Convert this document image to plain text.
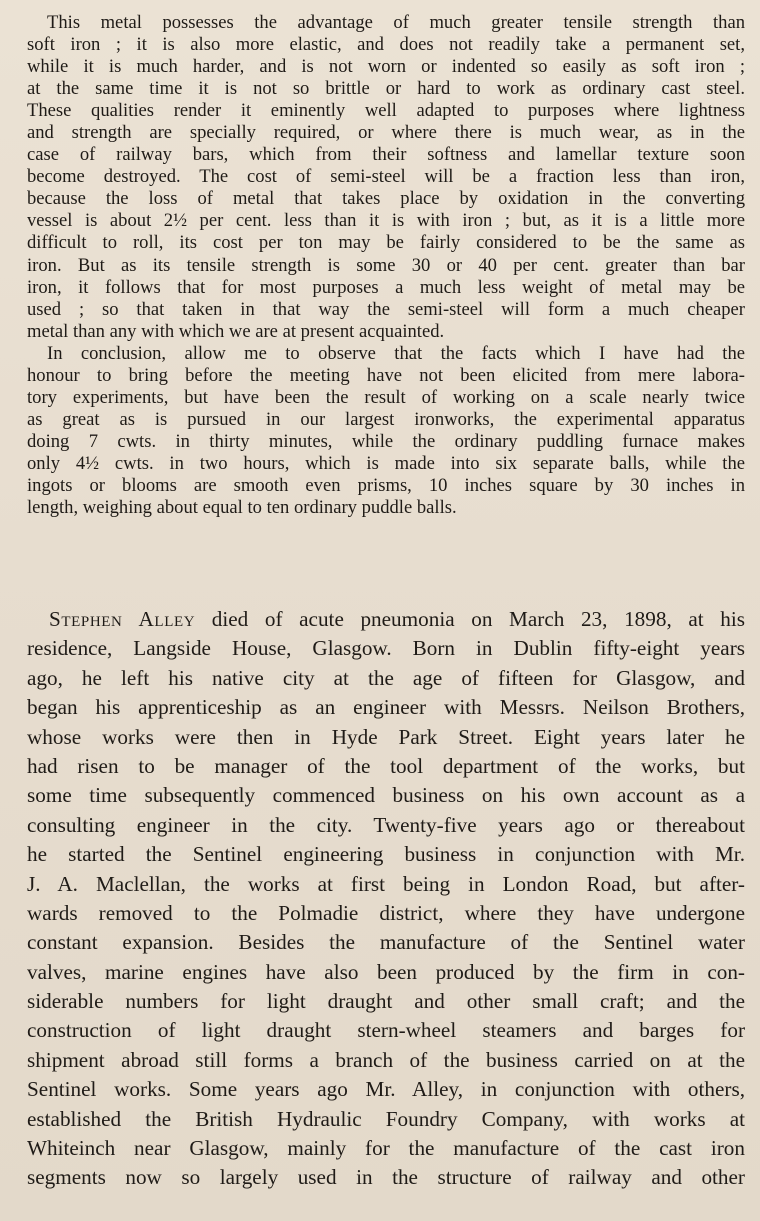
This metal possesses the advantage of much greater tensile strength than
soft iron ; it is also more elastic, and does not readily take a permanent set,
while it is much harder, and is not worn or indented so easily as soft iron ;
at the same time it is not so brittle or hard to work as ordinary cast steel.
These qualities render it eminently well adapted to purposes where lightness
and strength are specially required, or where there is much wear, as in the
case of railway bars, which from their softness and lamellar texture soon
become destroyed. The cost of semi-steel will be a fraction less than iron,
because the loss of metal that takes place by oxidation in the converting
vessel is about 2½ per cent. less than it is with iron ; but, as it is a little more
difficult to roll, its cost per ton may be fairly considered to be the same as
iron. But as its tensile strength is some 30 or 40 per cent. greater than bar
iron, it follows that for most purposes a much less weight of metal may be
used ; so that taken in that way the semi-steel will form a much cheaper
metal than any with which we are at present acquainted.
In conclusion, allow me to observe that the facts which I have had the
honour to bring before the meeting have not been elicited from mere labora-
tory experiments, but have been the result of working on a scale nearly twice
as great as is pursued in our largest ironworks, the experimental apparatus
doing 7 cwts. in thirty minutes, while the ordinary puddling furnace makes
only 4½ cwts. in two hours, which is made into six separate balls, while the
ingots or blooms are smooth even prisms, 10 inches square by 30 inches in
length, weighing about equal to ten ordinary puddle balls.
Stephen Alley died of acute pneumonia on March 23, 1898, at his
residence, Langside House, Glasgow. Born in Dublin fifty-eight years
ago, he left his native city at the age of fifteen for Glasgow, and
began his apprenticeship as an engineer with Messrs. Neilson Brothers,
whose works were then in Hyde Park Street. Eight years later he
had risen to be manager of the tool department of the works, but
some time subsequently commenced business on his own account as a
consulting engineer in the city. Twenty-five years ago or thereabout
he started the Sentinel engineering business in conjunction with Mr.
J. A. Maclellan, the works at first being in London Road, but after-
wards removed to the Polmadie district, where they have undergone
constant expansion. Besides the manufacture of the Sentinel water
valves, marine engines have also been produced by the firm in con-
siderable numbers for light draught and other small craft; and the
construction of light draught stern-wheel steamers and barges for
shipment abroad still forms a branch of the business carried on at the
Sentinel works. Some years ago Mr. Alley, in conjunction with others,
established the British Hydraulic Foundry Company, with works at
Whiteinch near Glasgow, mainly for the manufacture of the cast iron
segments now so largely used in the structure of railway and other
